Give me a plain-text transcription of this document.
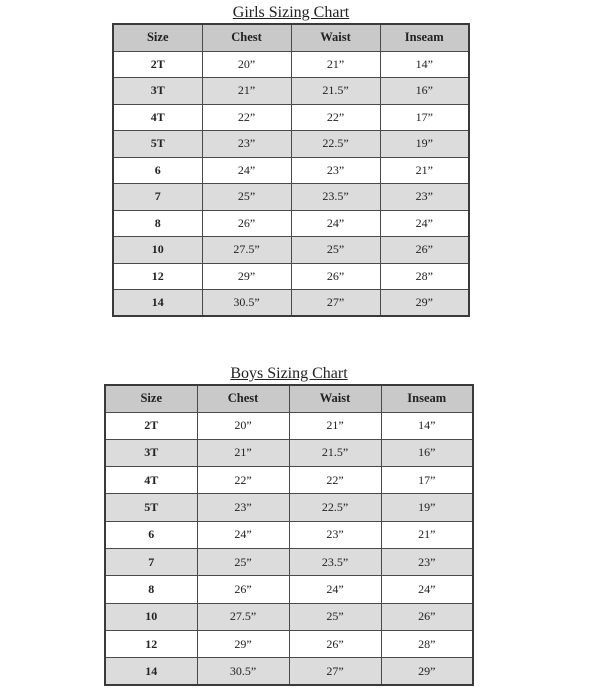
Girls Sizing Chart
Size	Chest	Waist	Inseam
2T	20”	21”	14”
3T	21”	21.5”	16”
4T	22”	22”	17”
5T	23”	22.5”	19”
6	24”	23”	21”
7	25”	23.5”	23”
8	26”	24”	24”
10	27.5”	25”	26”
12	29”	26”	28”
14	30.5”	27”	29”
Boys Sizing Chart
Size	Chest	Waist	Inseam
2T	20”	21”	14”
3T	21”	21.5”	16”
4T	22”	22”	17”
5T	23”	22.5”	19”
6	24”	23”	21”
7	25”	23.5”	23”
8	26”	24”	24”
10	27.5”	25”	26”
12	29”	26”	28”
14	30.5”	27”	29”
